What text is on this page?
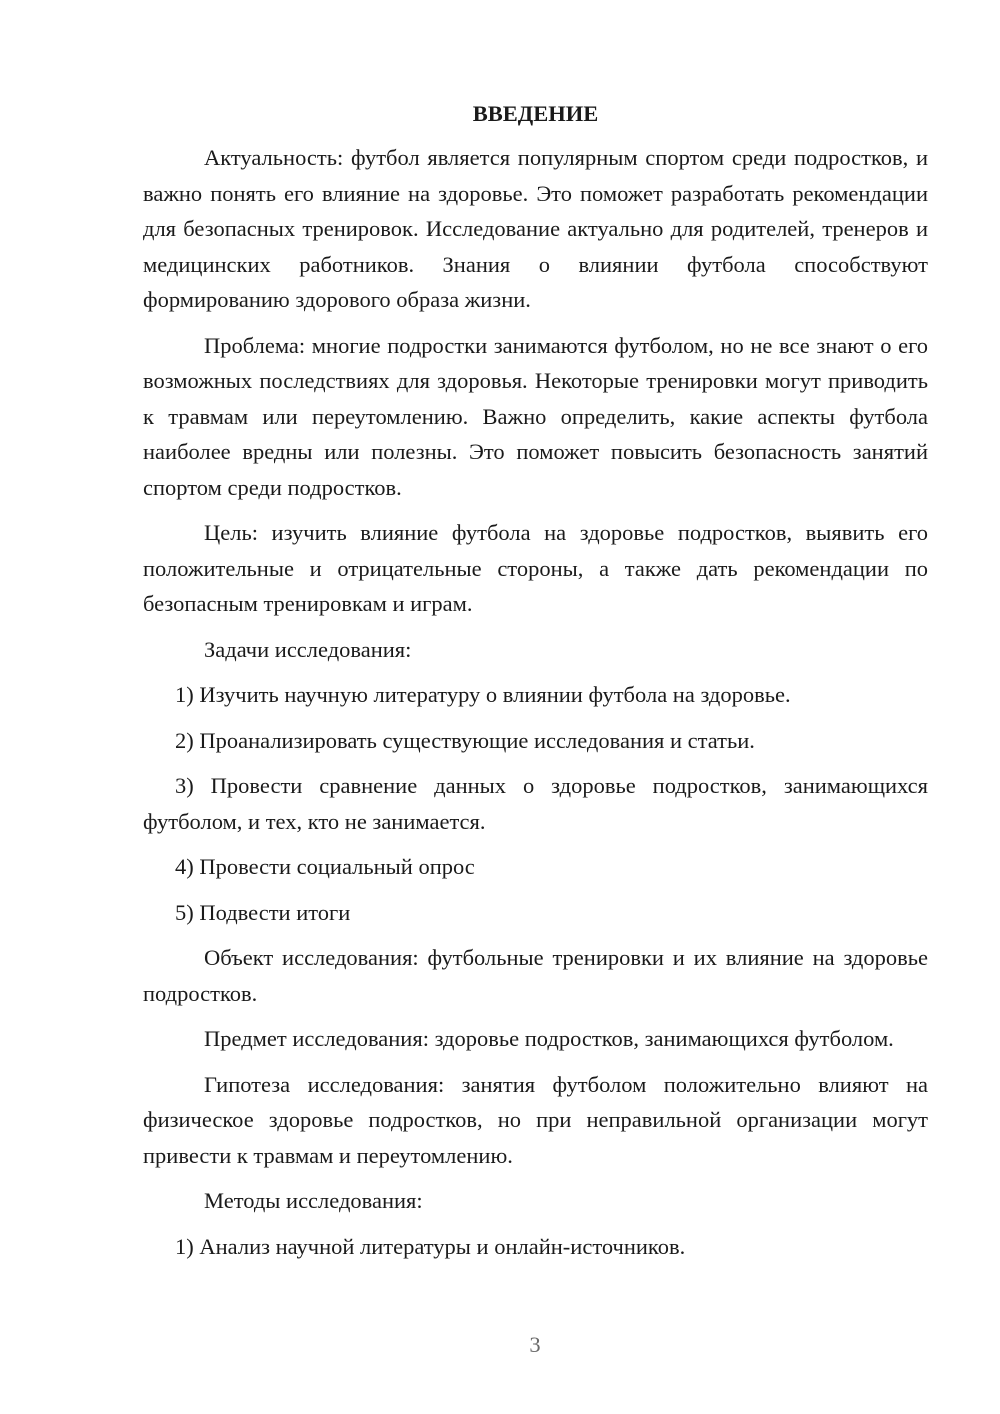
ВВЕДЕНИЕ

Актуальность: футбол является популярным спортом среди подростков, и важно понять его влияние на здоровье. Это поможет разработать рекомендации для безопасных тренировок. Исследование актуально для родителей, тренеров и медицинских работников. Знания о влиянии футбола способствуют формированию здорового образа жизни.

Проблема: многие подростки занимаются футболом, но не все знают о его возможных последствиях для здоровья. Некоторые тренировки могут приводить к травмам или переутомлению. Важно определить, какие аспекты футбола наиболее вредны или полезны. Это поможет повысить безопасность занятий спортом среди подростков.

Цель: изучить влияние футбола на здоровье подростков, выявить его положительные и отрицательные стороны, а также дать рекомендации по безопасным тренировкам и играм.

Задачи исследования:

1) Изучить научную литературу о влиянии футбола на здоровье.

2) Проанализировать существующие исследования и статьи.

3) Провести сравнение данных о здоровье подростков, занимающихся футболом, и тех, кто не занимается.

4) Провести социальный опрос

5) Подвести итоги

Объект исследования: футбольные тренировки и их влияние на здоровье подростков.

Предмет исследования: здоровье подростков, занимающихся футболом.

Гипотеза исследования: занятия футболом положительно влияют на физическое здоровье подростков, но при неправильной организации могут привести к травмам и переутомлению.

Методы исследования:

1) Анализ научной литературы и онлайн-источников.

3
